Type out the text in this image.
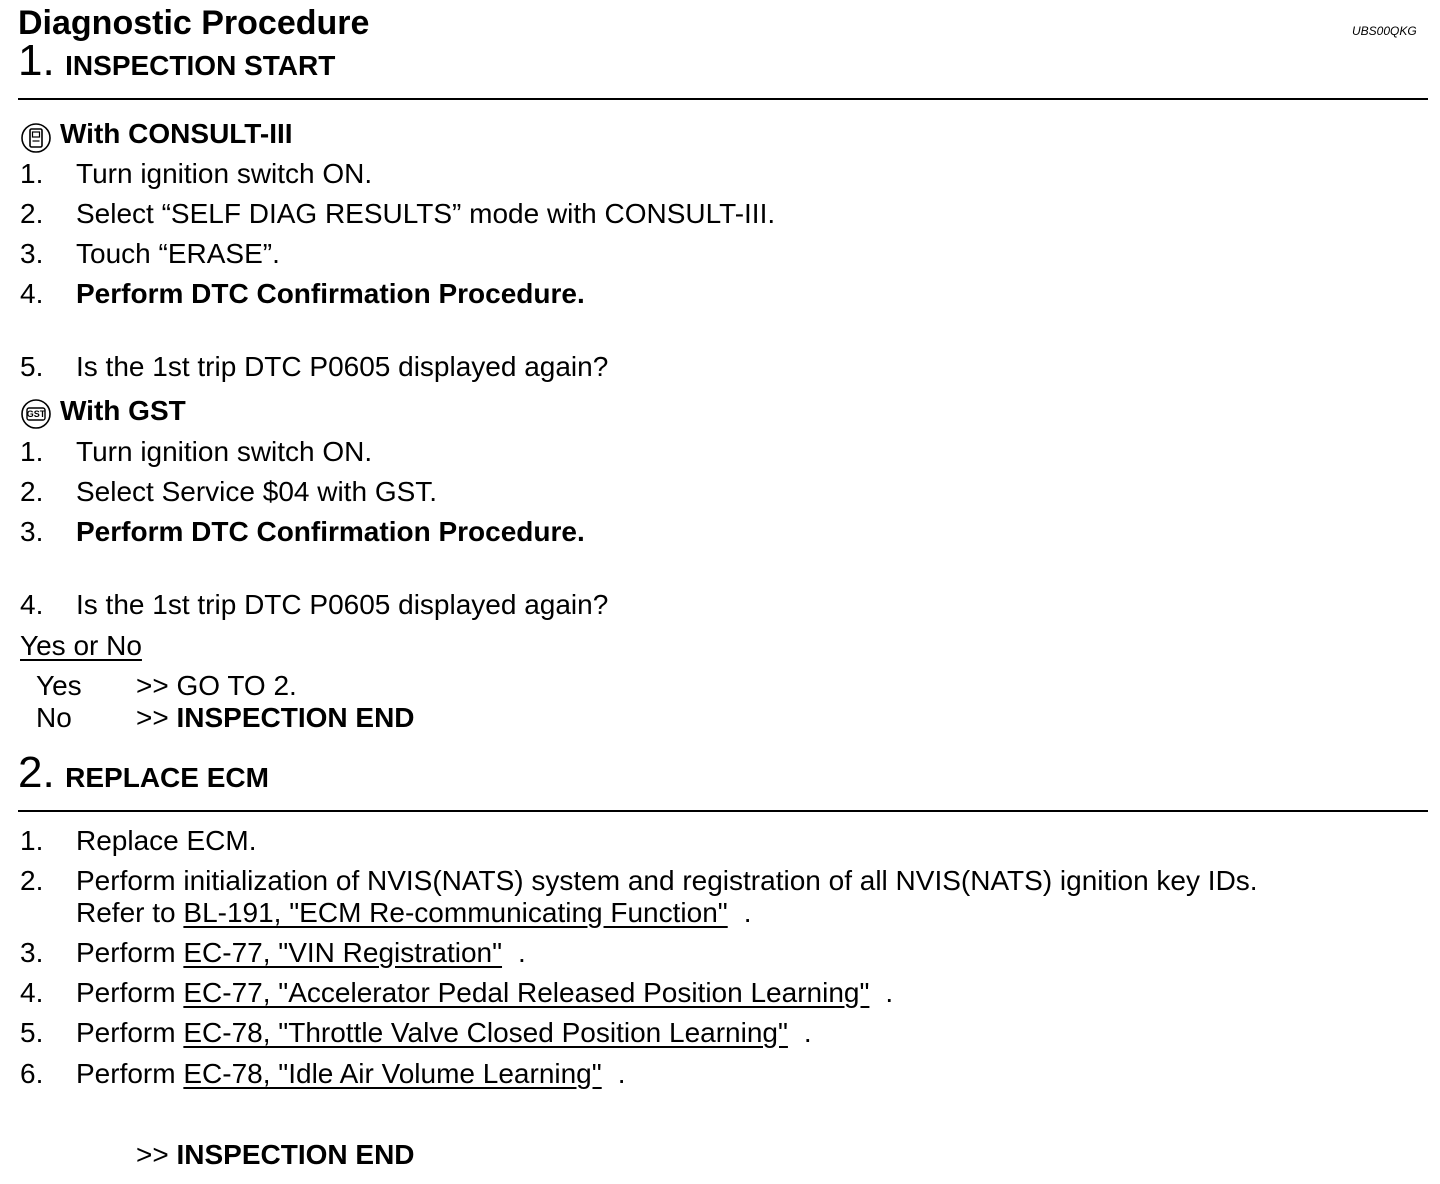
Diagnostic Procedure	UBS00QKG
1. INSPECTION START
With CONSULT-III
1. Turn ignition switch ON.
2. Select “SELF DIAG RESULTS” mode with CONSULT-III.
3. Touch “ERASE”.
4. Perform DTC Confirmation Procedure.
5. Is the 1st trip DTC P0605 displayed again?
GST With GST
1. Turn ignition switch ON.
2. Select Service $04 with GST.
3. Perform DTC Confirmation Procedure.
4. Is the 1st trip DTC P0605 displayed again?
Yes or No
Yes >> GO TO 2.
No >> INSPECTION END
2. REPLACE ECM
1. Replace ECM.
2. Perform initialization of NVIS(NATS) system and registration of all NVIS(NATS) ignition key IDs.
Refer to BL-191, "ECM Re-communicating Function" .
3. Perform EC-77, "VIN Registration" .
4. Perform EC-77, "Accelerator Pedal Released Position Learning" .
5. Perform EC-78, "Throttle Valve Closed Position Learning" .
6. Perform EC-78, "Idle Air Volume Learning" .
>> INSPECTION END
